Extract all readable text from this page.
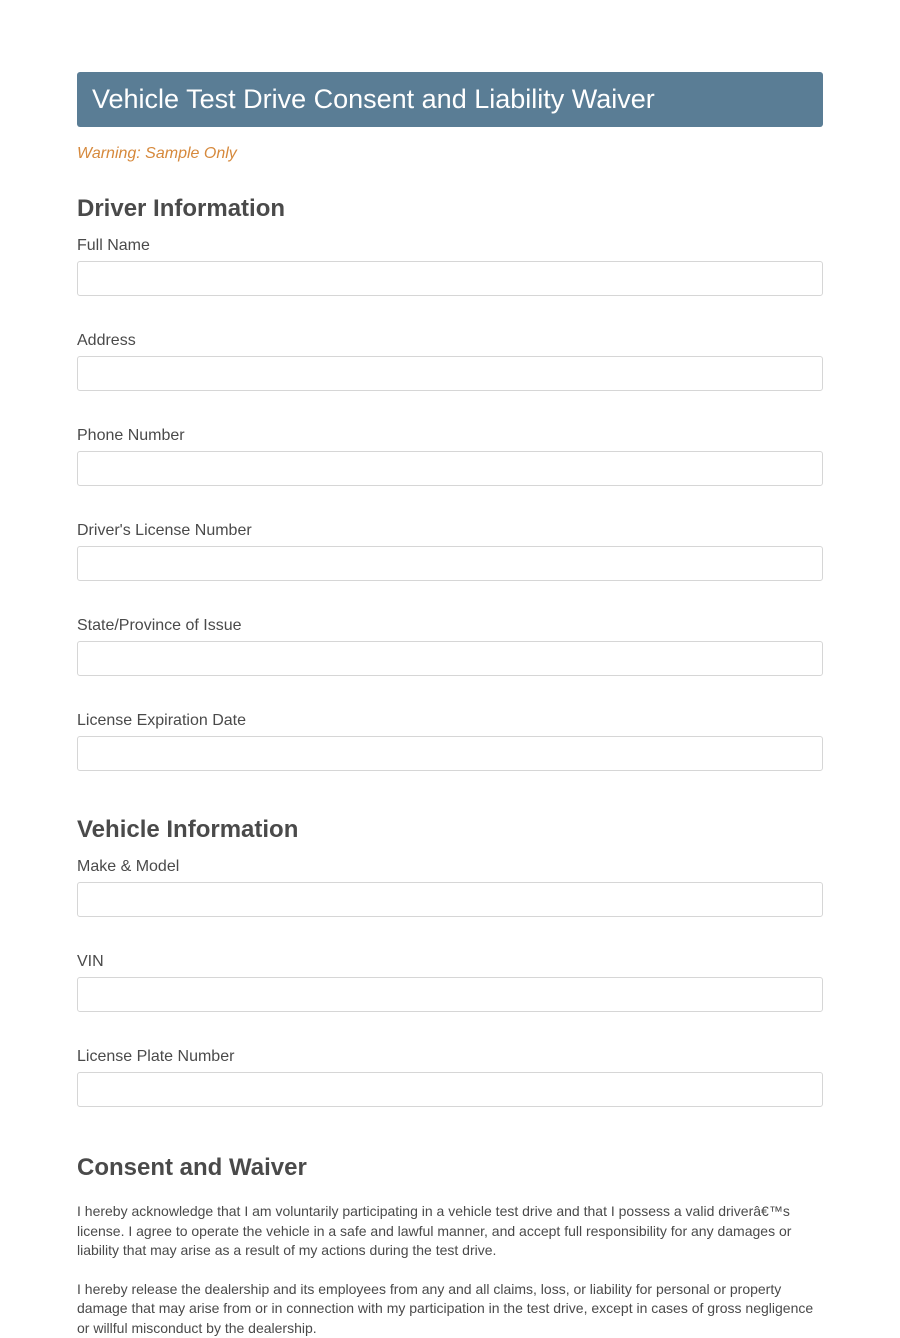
Vehicle Test Drive Consent and Liability Waiver
Warning: Sample Only
Driver Information
Full Name
Address
Phone Number
Driver's License Number
State/Province of Issue
License Expiration Date
Vehicle Information
Make & Model
VIN
License Plate Number
Consent and Waiver

I hereby acknowledge that I am voluntarily participating in a vehicle test drive and that I possess a valid driverâ€™s license. I agree to operate the vehicle in a safe and lawful manner, and accept full responsibility for any damages or liability that may arise as a result of my actions during the test drive.

I hereby release the dealership and its employees from any and all claims, loss, or liability for personal or property damage that may arise from or in connection with my participation in the test drive, except in cases of gross negligence or willful misconduct by the dealership.
